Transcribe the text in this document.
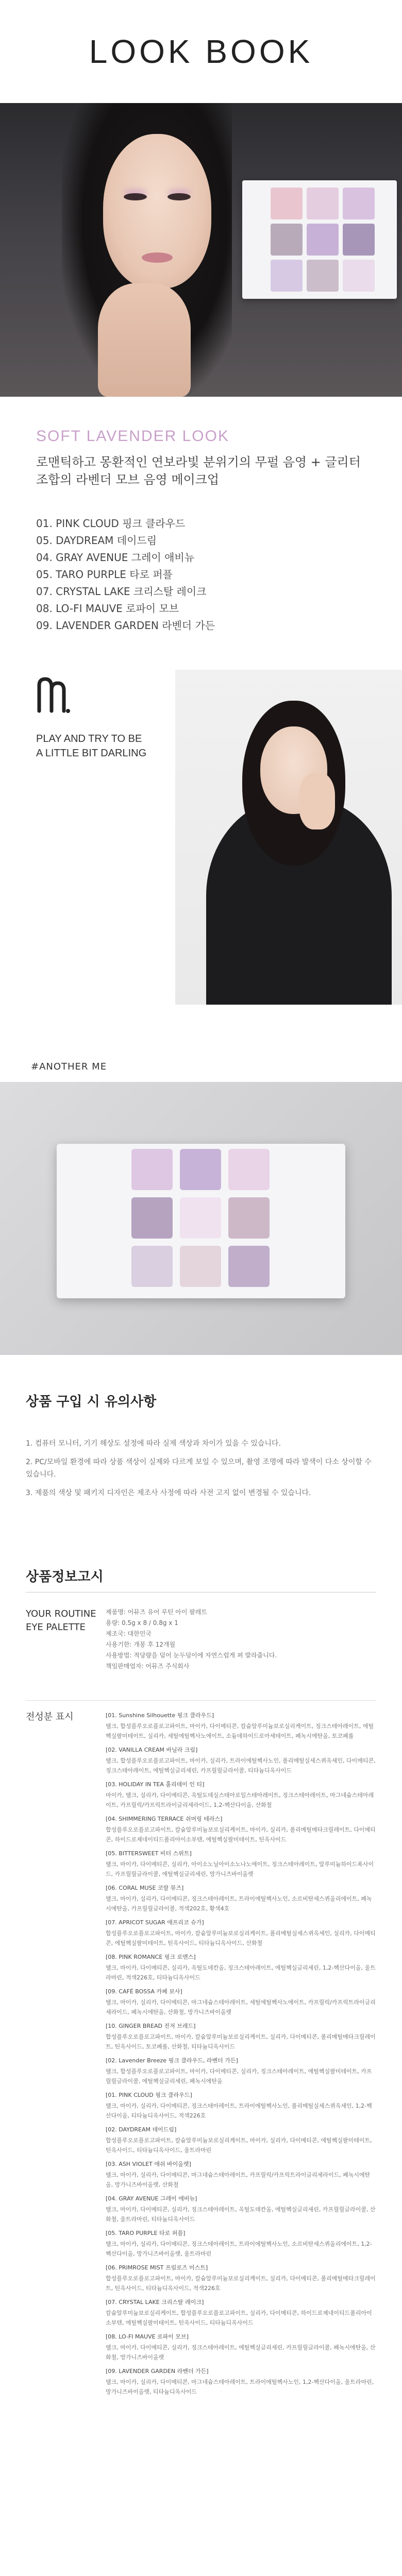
LOOK BOOK
SOFT LAVENDER LOOK
로맨틱하고 몽환적인 연보라빛 분위기의 무펄 음영 + 글리터 조합의 라벤더 모브 음영 메이크업
01. PINK CLOUD 핑크 클라우드
05. DAYDREAM 데이드림
04. GRAY AVENUE 그레이 애비뉴
05. TARO PURPLE 타로 퍼플
07. CRYSTAL LAKE 크리스탈 레이크
08. LO-FI MAUVE 로파이 모브
09. LAVENDER GARDEN 라벤더 가든
PLAY AND TRY TO BE
A LITTLE BIT DARLING
#ANOTHER ME
상품 구입 시 유의사항

1. 컴퓨터 모니터, 기기 해상도 설정에 따라 실제 색상과 차이가 있을 수 있습니다.

2. PC/모바일 환경에 따라 상품 색상이 실제와 다르게 보일 수 있으며, 촬영 조명에 따라 발색이 다소 상이할 수 있습니다.

3. 제품의 색상 및 패키지 디자인은 제조사 사정에 따라 사전 고지 없이 변경될 수 있습니다.

상품정보고시
YOUR ROUTINE EYE PALETTE

제품명: 어뮤즈 유어 루틴 아이 팔레트

용량: 0.5g x 8 / 0.8g x 1

제조국: 대한민국

사용기한: 개봉 후 12개월

사용방법: 적당량을 덜어 눈두덩이에 자연스럽게 펴 발라줍니다.

책임판매업자: 어뮤즈 주식회사

전성분 표시	[01. Sunshine Silhouette 핑크 클라우드]

탤크, 합성플루오로플로고파이트, 마이카, 다이메티콘, 칼슘알루미늄보로실리케이트, 징크스테아레이트, 에틸헥실팔미테이트, 실리카, 세틸에틸헥사노에이트, 소듐데하이드로아세테이트, 페녹시에탄올, 토코페롤

[02. VANILLA CREAM 바닐라 크림]

탤크, 합성플루오로플로고파이트, 마이카, 실리카, 트라이에틸헥사노인, 폴리메틸실세스퀴옥세인, 다이메티콘, 징크스테아레이트, 에틸헥실글리세린, 카프릴릴글라이콜, 티타늄디옥사이드

[03. HOLIDAY IN TEA 홀리데이 인 티]

마이카, 탤크, 실리카, 다이메티콘, 옥틸도데실스테아로일스테아레이트, 징크스테아레이트, 마그네슘스테아레이트, 카프릴릭/카프릭트라이글리세라이드, 1,2-헥산다이올, 산화철

[04. SHIMMERING TERRACE 쉬머링 테라스]

합성플루오로플로고파이트, 칼슘알루미늄보로실리케이트, 마이카, 실리카, 폴리메틸메타크릴레이트, 다이메티콘, 하이드로제네이티드폴리아이소부텐, 에틸헥실팔미테이트, 틴옥사이드

[05. BITTERSWEET 비터 스위트]

탤크, 마이카, 다이메티콘, 실리카, 아이소노닐아이소노나노에이트, 징크스테아레이트, 알루미늄하이드록사이드, 카프릴릴글라이콜, 에틸헥실글리세린, 망가니즈바이올렛

[06. CORAL MUSE 코랄 뮤즈]

탤크, 마이카, 실리카, 다이메티콘, 징크스테아레이트, 트라이에틸헥사노인, 소르비탄세스퀴올리에이트, 페녹시에탄올, 카프릴릴글라이콜, 적색202호, 황색4호

[07. APRICOT SUGAR 애프리코 슈가]

합성플루오로플로고파이트, 마이카, 칼슘알루미늄보로실리케이트, 폴리메틸실세스퀴옥세인, 실리카, 다이메티콘, 에틸헥실팔미테이트, 틴옥사이드, 티타늄디옥사이드, 산화철

[08. PINK ROMANCE 핑크 로맨스]

탤크, 마이카, 다이메티콘, 실리카, 옥틸도데칸올, 징크스테아레이트, 에틸헥실글리세린, 1,2-헥산다이올, 울트라마린, 적색226호, 티타늄디옥사이드

[09. CAFÉ BOSSA 카페 보사]

탤크, 마이카, 실리카, 다이메티콘, 마그네슘스테아레이트, 세틸에틸헥사노에이트, 카프릴릭/카프릭트라이글리세라이드, 페녹시에탄올, 산화철, 망가니즈바이올렛

[10. GINGER BREAD 진저 브레드]

합성플루오로플로고파이트, 마이카, 칼슘알루미늄보로실리케이트, 실리카, 다이메티콘, 폴리메틸메타크릴레이트, 틴옥사이드, 토코페롤, 산화철, 티타늄디옥사이드

[02. Lavender Breeze 핑크 클라우드, 라벤더 가든]

탤크, 합성플루오로플로고파이트, 마이카, 다이메티콘, 실리카, 징크스테아레이트, 에틸헥실팔미테이트, 카프릴릴글라이콜, 에틸헥실글리세린, 페녹시에탄올

[01. PINK CLOUD 핑크 클라우드]

탤크, 마이카, 실리카, 다이메티콘, 징크스테아레이트, 트라이에틸헥사노인, 폴리메틸실세스퀴옥세인, 1,2-헥산다이올, 티타늄디옥사이드, 적색226호

[02. DAYDREAM 데이드림]

합성플루오로플로고파이트, 칼슘알루미늄보로실리케이트, 마이카, 실리카, 다이메티콘, 에틸헥실팔미테이트, 틴옥사이드, 티타늄디옥사이드, 울트라마린

[03. ASH VIOLET 애쉬 바이올렛]

탤크, 마이카, 실리카, 다이메티콘, 마그네슘스테아레이트, 카프릴릭/카프릭트라이글리세라이드, 페녹시에탄올, 망가니즈바이올렛, 산화철

[04. GRAY AVENUE 그레이 애비뉴]

탤크, 마이카, 다이메티콘, 실리카, 징크스테아레이트, 옥틸도데칸올, 에틸헥실글리세린, 카프릴릴글라이콜, 산화철, 울트라마린, 티타늄디옥사이드

[05. TARO PURPLE 타로 퍼플]

탤크, 마이카, 실리카, 다이메티콘, 징크스테아레이트, 트라이에틸헥사노인, 소르비탄세스퀴올리에이트, 1,2-헥산다이올, 망가니즈바이올렛, 울트라마린

[06. PRIMROSE MIST 프림로즈 미스트]

합성플루오로플로고파이트, 마이카, 칼슘알루미늄보로실리케이트, 실리카, 다이메티콘, 폴리메틸메타크릴레이트, 틴옥사이드, 티타늄디옥사이드, 적색226호

[07. CRYSTAL LAKE 크리스탈 레이크]

칼슘알루미늄보로실리케이트, 합성플루오로플로고파이트, 실리카, 다이메티콘, 하이드로제네이티드폴리아이소부텐, 에틸헥실팔미테이트, 틴옥사이드, 티타늄디옥사이드

[08. LO-FI MAUVE 로파이 모브]

탤크, 마이카, 다이메티콘, 실리카, 징크스테아레이트, 에틸헥실글리세린, 카프릴릴글라이콜, 페녹시에탄올, 산화철, 망가니즈바이올렛

[09. LAVENDER GARDEN 라벤더 가든]

탤크, 마이카, 실리카, 다이메티콘, 마그네슘스테아레이트, 트라이에틸헥사노인, 1,2-헥산다이올, 울트라마린, 망가니즈바이올렛, 티타늄디옥사이드
